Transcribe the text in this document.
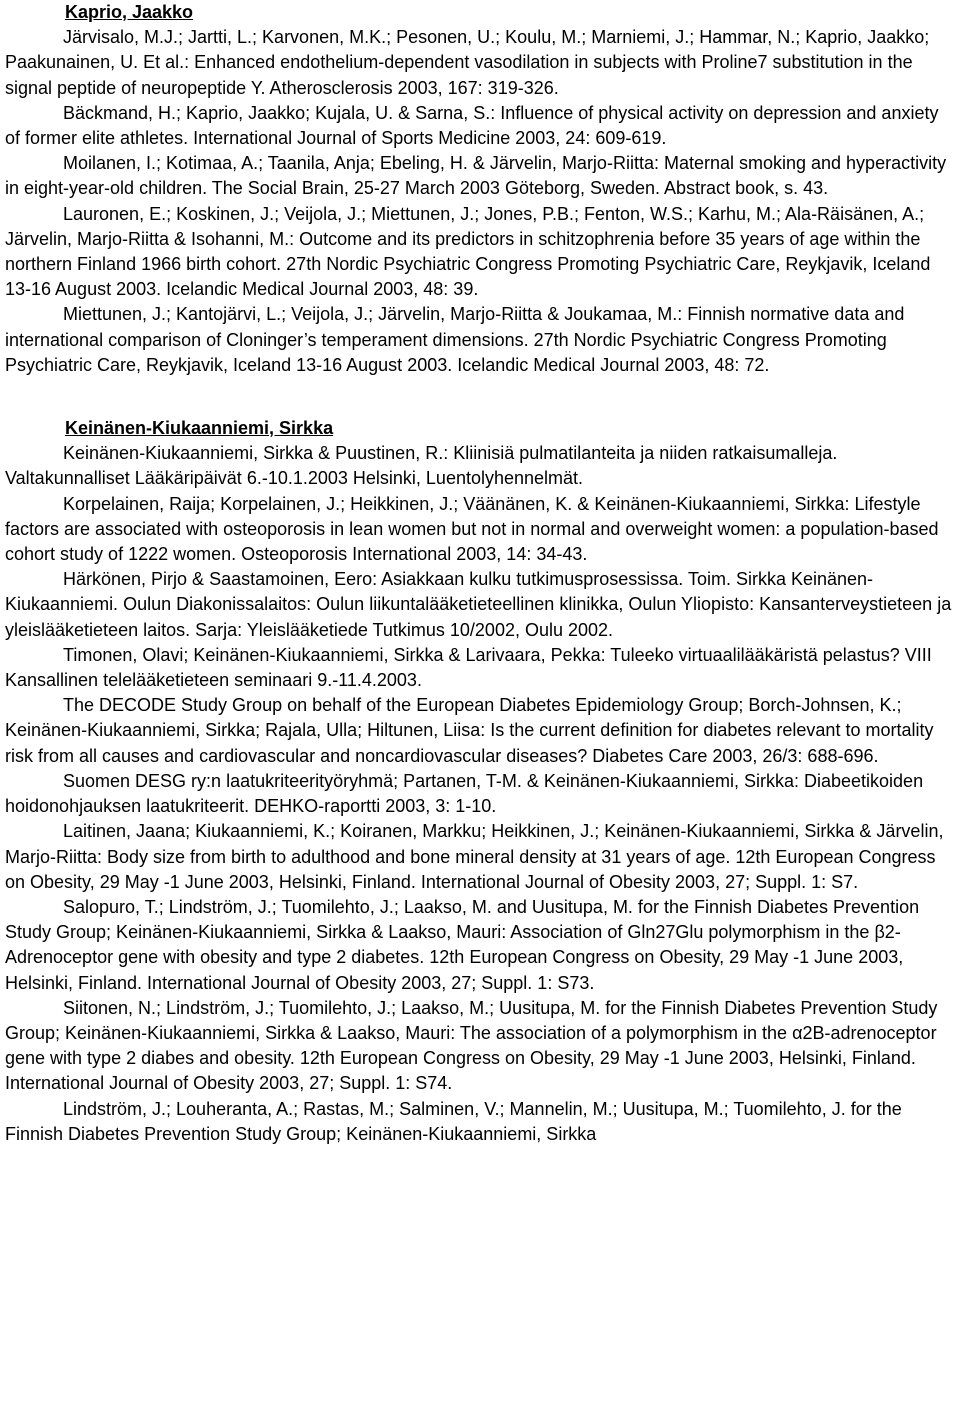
Kaprio, Jaakko

Järvisalo, M.J.; Jartti, L.; Karvonen, M.K.; Pesonen, U.; Koulu, M.; Marniemi, J.; Hammar, N.; Kaprio, Jaakko; Paakunainen, U. Et al.: Enhanced endothelium-dependent vasodilation in subjects with Proline7 substitution in the signal peptide of neuropeptide Y. Atherosclerosis 2003, 167: 319-326.

Bäckmand, H.; Kaprio, Jaakko; Kujala, U. & Sarna, S.: Influence of physical activity on depression and anxiety of former elite athletes. International Journal of Sports Medicine 2003, 24: 609-619.

Moilanen, I.; Kotimaa, A.; Taanila, Anja; Ebeling, H. & Järvelin, Marjo-Riitta: Maternal smoking and hyperactivity in eight-year-old children. The Social Brain, 25-27 March 2003 Göteborg, Sweden. Abstract book, s. 43.

Lauronen, E.; Koskinen, J.; Veijola, J.; Miettunen, J.; Jones, P.B.; Fenton, W.S.; Karhu, M.; Ala-Räisänen, A.; Järvelin, Marjo-Riitta & Isohanni, M.: Outcome and its predictors in schitzophrenia before 35 years of age within the northern Finland 1966 birth cohort. 27th Nordic Psychiatric Congress Promoting Psychiatric Care, Reykjavik, Iceland 13-16 August 2003. Icelandic Medical Journal 2003, 48: 39.

Miettunen, J.; Kantojärvi, L.; Veijola, J.; Järvelin, Marjo-Riitta & Joukamaa, M.: Finnish normative data and international comparison of Cloninger’s temperament dimensions. 27th Nordic Psychiatric Congress Promoting Psychiatric Care, Reykjavik, Iceland 13-16 August 2003. Icelandic Medical Journal 2003, 48: 72.

Keinänen-Kiukaanniemi, Sirkka

Keinänen-Kiukaanniemi, Sirkka & Puustinen, R.: Kliinisiä pulmatilanteita ja niiden ratkaisumalleja. Valtakunnalliset Lääkäripäivät 6.-10.1.2003 Helsinki, Luentolyhennelmät.

Korpelainen, Raija; Korpelainen, J.; Heikkinen, J.; Väänänen, K. & Keinänen-Kiukaanniemi, Sirkka: Lifestyle factors are associated with osteoporosis in lean women but not in normal and overweight women: a population-based cohort study of 1222 women. Osteoporosis International 2003, 14: 34-43.

Härkönen, Pirjo & Saastamoinen, Eero: Asiakkaan kulku tutkimusprosessissa. Toim. Sirkka Keinänen-Kiukaanniemi. Oulun Diakonissalaitos: Oulun liikuntalääketieteellinen klinikka, Oulun Yliopisto: Kansanterveystieteen ja yleislääketieteen laitos. Sarja: Yleislääketiede Tutkimus 10/2002, Oulu 2002.

Timonen, Olavi; Keinänen-Kiukaanniemi, Sirkka & Larivaara, Pekka: Tuleeko virtuaalilääkäristä pelastus? VIII Kansallinen telelääketieteen seminaari 9.-11.4.2003.

The DECODE Study Group on behalf of the European Diabetes Epidemiology Group; Borch-Johnsen, K.; Keinänen-Kiukaanniemi, Sirkka; Rajala, Ulla; Hiltunen, Liisa: Is the current definition for diabetes relevant to mortality risk from all causes and cardiovascular and noncardiovascular diseases? Diabetes Care 2003, 26/3: 688-696.

Suomen DESG ry:n laatukriteerityöryhmä; Partanen, T-M. & Keinänen-Kiukaanniemi, Sirkka: Diabeetikoiden hoidonohjauksen laatukriteerit. DEHKO-raportti 2003, 3: 1-10.

Laitinen, Jaana; Kiukaanniemi, K.; Koiranen, Markku; Heikkinen, J.; Keinänen-Kiukaanniemi, Sirkka & Järvelin, Marjo-Riitta: Body size from birth to adulthood and bone mineral density at 31 years of age. 12th European Congress on Obesity, 29 May -1 June 2003, Helsinki, Finland. International Journal of Obesity 2003, 27; Suppl. 1: S7.

Salopuro, T.; Lindström, J.; Tuomilehto, J.; Laakso, M. and Uusitupa, M. for the Finnish Diabetes Prevention Study Group; Keinänen-Kiukaanniemi, Sirkka & Laakso, Mauri: Association of Gln27Glu polymorphism in the β2-Adrenoceptor gene with obesity and type 2 diabetes. 12th European Congress on Obesity, 29 May -1 June 2003, Helsinki, Finland. International Journal of Obesity 2003, 27; Suppl. 1: S73.

Siitonen, N.; Lindström, J.; Tuomilehto, J.; Laakso, M.; Uusitupa, M. for the Finnish Diabetes Prevention Study Group; Keinänen-Kiukaanniemi, Sirkka & Laakso, Mauri: The association of a polymorphism in the α2B-adrenoceptor gene with type 2 diabes and obesity. 12th European Congress on Obesity, 29 May -1 June 2003, Helsinki, Finland. International Journal of Obesity 2003, 27; Suppl. 1: S74.

Lindström, J.; Louheranta, A.; Rastas, M.; Salminen, V.; Mannelin, M.; Uusitupa, M.; Tuomilehto, J. for the Finnish Diabetes Prevention Study Group; Keinänen-Kiukaanniemi, Sirkka
